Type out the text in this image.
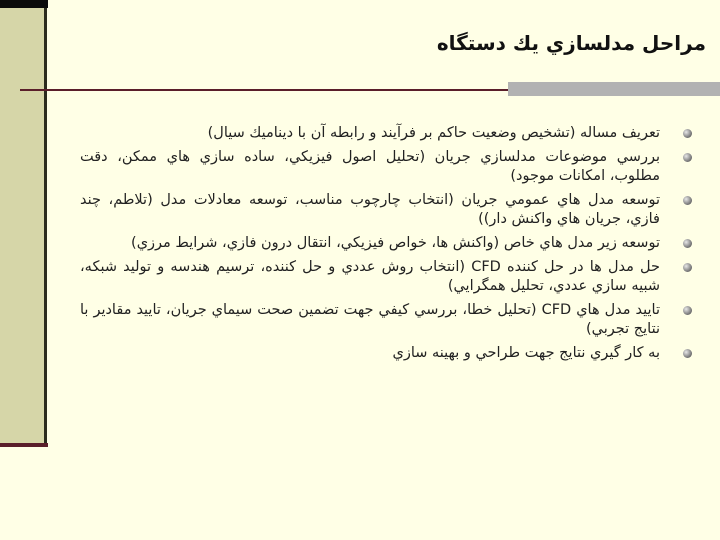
مراحل مدلسازي يك دستگاه
تعريف مساله (تشخيص وضعيت حاكم بر فرآيند و رابطه آن با ديناميك سيال)
بررسي موضوعات مدلسازي جريان (تحليل اصول فيزيكي، ساده سازي هاي ممكن، دقت مطلوب، امكانات موجود)
توسعه مدل هاي عمومي جريان (انتخاب چارچوب مناسب، توسعه معادلات مدل (تلاطم، چند فازي، جريان هاي واكنش دار))
توسعه زير مدل هاي خاص (واكنش ها، خواص فيزيكي، انتقال درون فازي، شرايط مرزي)
حل مدل ها در حل كننده CFD (انتخاب روش عددي و حل كننده، ترسيم هندسه و توليد شبكه، شبيه سازي عددي، تحليل همگرايي)
تاييد مدل هاي CFD (تحليل خطا، بررسي كيفي جهت تضمين صحت سيماي جريان، تاييد مقادير با نتايج تجربي)
به كار گيري نتايج جهت طراحي و بهينه سازي
